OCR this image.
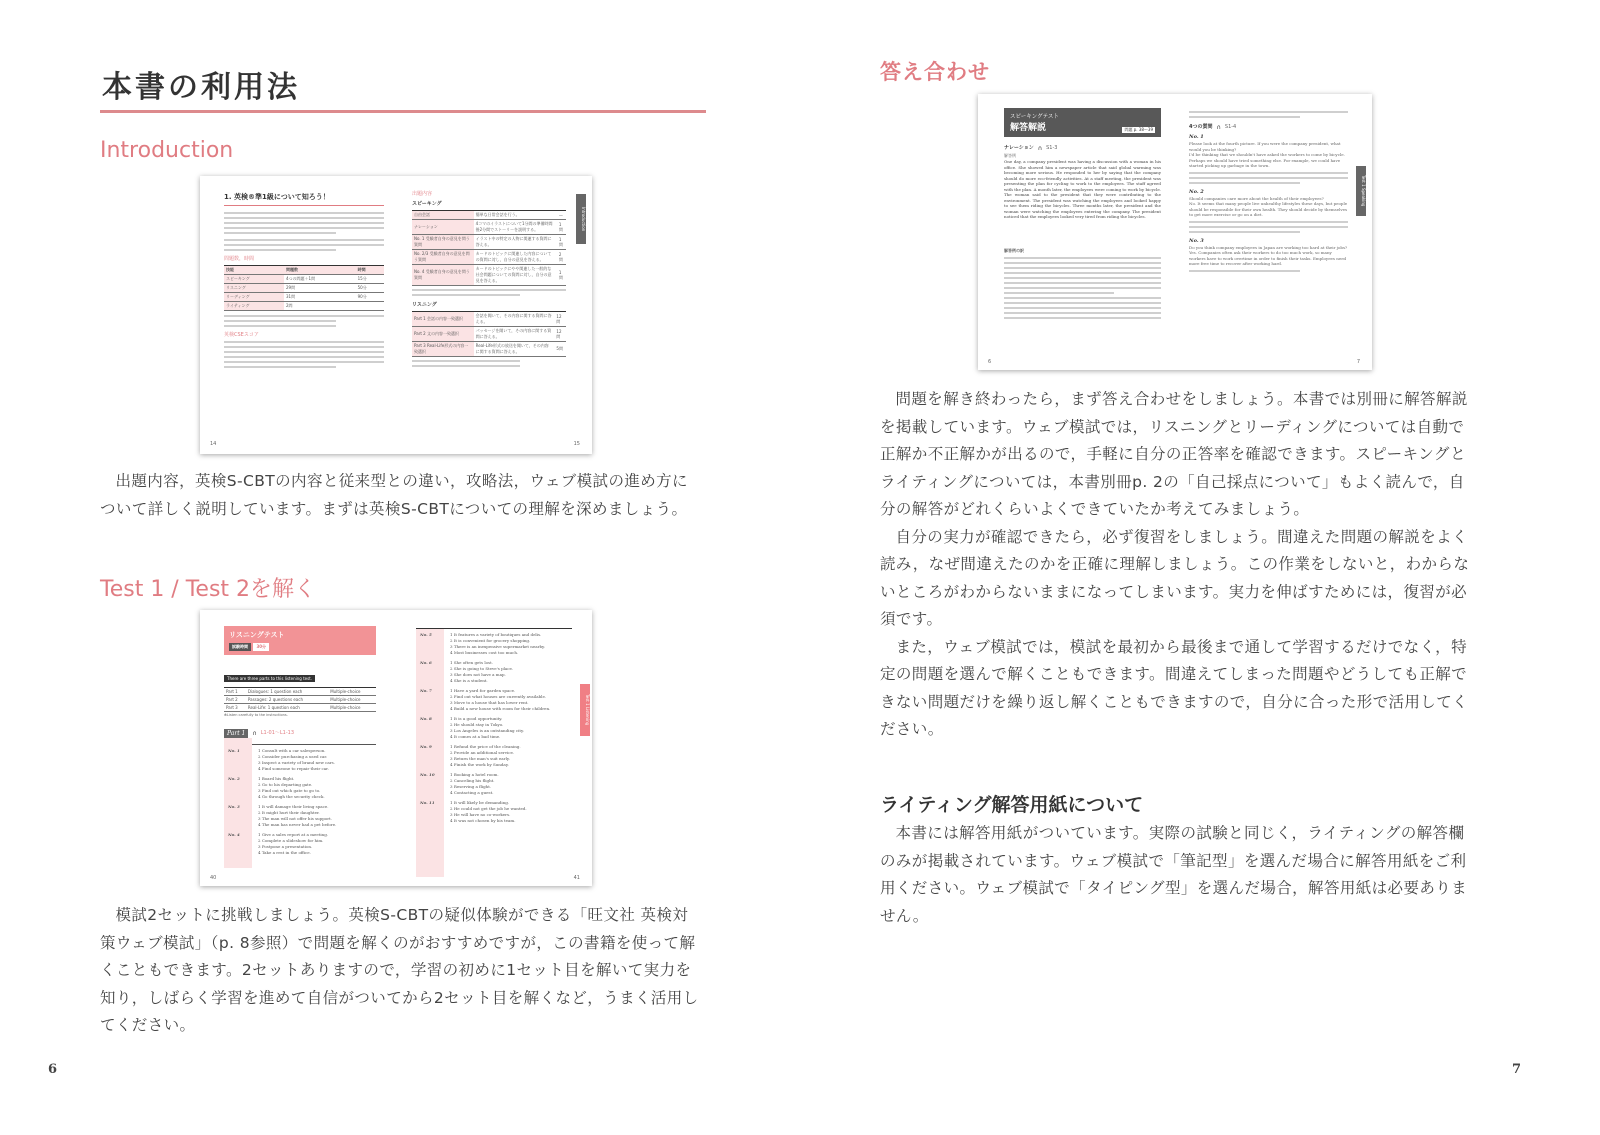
本書の利用法
Introduction
1. 英検®準1級について知ろう！
問題数，時間
技能	問題数	時間
スピーキング	4つの問題＋1問	15分
リスニング	29問	50分
リーディング	31問	90分
ライティング	2問	
英検CSEスコア
14
出題内容
スピーキング
自由会話	簡単な日常会話を行う。	—
ナレーション	4コマのイラストについて1分間の準備時間後2分間でストーリーを説明する。	1問
No. 1 受験者自身の意見を問う質問	イラスト中の特定の人物に関連する質問に答える。	1問
No. 2/3 受験者自身の意見を問う質問	カードのトピックに関連した内容についての質問に対し，自分の意見を答える。	2問
No. 4 受験者自身の意見を問う質問	カードのトピックにやや関連した一般的な社会問題についての質問に対し，自分の意見を答える。	1問
リスニング
Part 1 会話の内容一致選択	会話を聞いて，その内容に関する質問に答える。	12問
Part 2 文の内容一致選択	パッセージを聞いて，その内容に関する質問に答える。	12問
Part 3 Real-Life形式の内容一致選択	Real-Life形式の放送を聞いて，その内容に関する質問に答える。	5問
15
Introduction

出題内容，英検S-CBTの内容と従来型との違い，攻略法，ウェブ模試の進め方について詳しく説明しています。まずは英検S-CBTについての理解を深めましょう。

Test 1 / Test 2を解く
リスニングテスト
試験時間 30分
There are three parts to this listening test.
Part 1	Dialogues: 1 question each	Multiple-choice
Part 2	Passages: 2 questions each	Multiple-choice
Part 3	Real-Life: 1 question each	Multiple-choice
✻Listen carefully to the instructions.
Part 1	∩ L1-01～L1-13
No. 1	1 Consult with a car salesperson.
2 Consider purchasing a used car.
3 Inspect a variety of brand new cars.
4 Find someone to repair their car.
No. 2	1 Board his flight.
2 Go to his departing gate.
3 Find out which gate to go to.
4 Go through the security check.
No. 3	1 It will damage their living space.
2 It might hurt their daughter.
3 The man will not offer his support.
4 The man has never had a pet before.
No. 4	1 Give a sales report at a meeting.
2 Complete a slideshow for him.
3 Postpone a presentation.
4 Take a rest in the office.
40
No. 5	1 It features a variety of boutiques and delis.
2 It is convenient for grocery shopping.
3 There is an inexpensive supermarket nearby.
4 Most businesses cost too much.
No. 6	1 She often gets lost.
2 She is going to Steve's place.
3 She does not have a map.
4 She is a student.
No. 7	1 Have a yard for garden space.
2 Find out what houses are currently available.
3 Move to a house that has lower rent.
4 Build a new house with room for their children.
No. 8	1 It is a good opportunity.
2 He should stay in Tokyo.
3 Los Angeles is an outstanding city.
4 It comes at a bad time.
No. 9	1 Refund the price of the cleaning.
2 Provide an additional service.
3 Return the man's suit early.
4 Finish the work by Sunday.
No. 10	1 Booking a hotel room.
2 Canceling his flight.
3 Reserving a flight.
4 Contacting a guest.
No. 11	1 It will likely be demanding.
2 He could not get the job he wanted.
3 He will have no co-workers.
4 It was not chosen by his team.
41
Test 1 Listening

模試2セットに挑戦しましょう。英検S-CBTの疑似体験ができる「旺文社 英検対策ウェブ模試」（p. 8参照）で問題を解くのがおすすめですが，この書籍を使って解くこともできます。2セットありますので，学習の初めに1セット目を解いて実力を知り，しばらく学習を進めて自信がついてから2セット目を解くなど，うまく活用してください。

6
答え合わせ
スピーキングテスト
解答解説	問題 p. 38～39
ナレーション ∩ S1-3
解答例
One day, a company president was having a discussion with a woman in his office. She showed him a newspaper article that said global warming was becoming more serious. He responded to her by saying that the company should do more eco-friendly activities. At a staff meeting, the president was presenting the plan for cycling to work to the employees. The staff agreed with the plan. A month later, the employees were coming to work by bicycle. The woman said to the president that they were contributing to the environment. The president was watching the employees and looked happy to see them riding the bicycles. Three months later, the president and the woman were watching the employees entering the company. The president noticed that the employees looked very tired from riding the bicycles.
解答例の訳
6
4つの質問 ∩ S1-4
No. 1
Please look at the fourth picture. If you were the company president, what would you be thinking?
I'd be thinking that we shouldn't have asked the workers to come by bicycle. Perhaps we should have tried something else. For example, we could have started picking up garbage in the town.
No. 2
Should companies care more about the health of their employees?
No. It seems that many people live unhealthy lifestyles these days, but people should be responsible for their own health. They should decide by themselves to get more exercise or go on a diet.
No. 3
Do you think company employees in Japan are working too hard at their jobs?
Yes. Companies often ask their workers to do too much work, so many workers have to work overtime in order to finish their tasks. Employees need more free time to recover after working hard.
7
Test 1 Speaking

問題を解き終わったら，まず答え合わせをしましょう。本書では別冊に解答解説を掲載しています。ウェブ模試では，リスニングとリーディングについては自動で正解か不正解かが出るので，手軽に自分の正答率を確認できます。スピーキングとライティングについては，本書別冊p. 2の「自己採点について」もよく読んで，自分の解答がどれくらいよくできていたか考えてみましょう。

自分の実力が確認できたら，必ず復習をしましょう。間違えた問題の解説をよく読み，なぜ間違えたのかを正確に理解しましょう。この作業をしないと，わからないところがわからないままになってしまいます。実力を伸ばすためには，復習が必須です。

また，ウェブ模試では，模試を最初から最後まで通して学習するだけでなく，特定の問題を選んで解くこともできます。間違えてしまった問題やどうしても正解できない問題だけを繰り返し解くこともできますので，自分に合った形で活用してください。

ライティング解答用紙について

本書には解答用紙がついています。実際の試験と同じく，ライティングの解答欄のみが掲載されています。ウェブ模試で「筆記型」を選んだ場合に解答用紙をご利用ください。ウェブ模試で「タイピング型」を選んだ場合，解答用紙は必要ありません。

7
